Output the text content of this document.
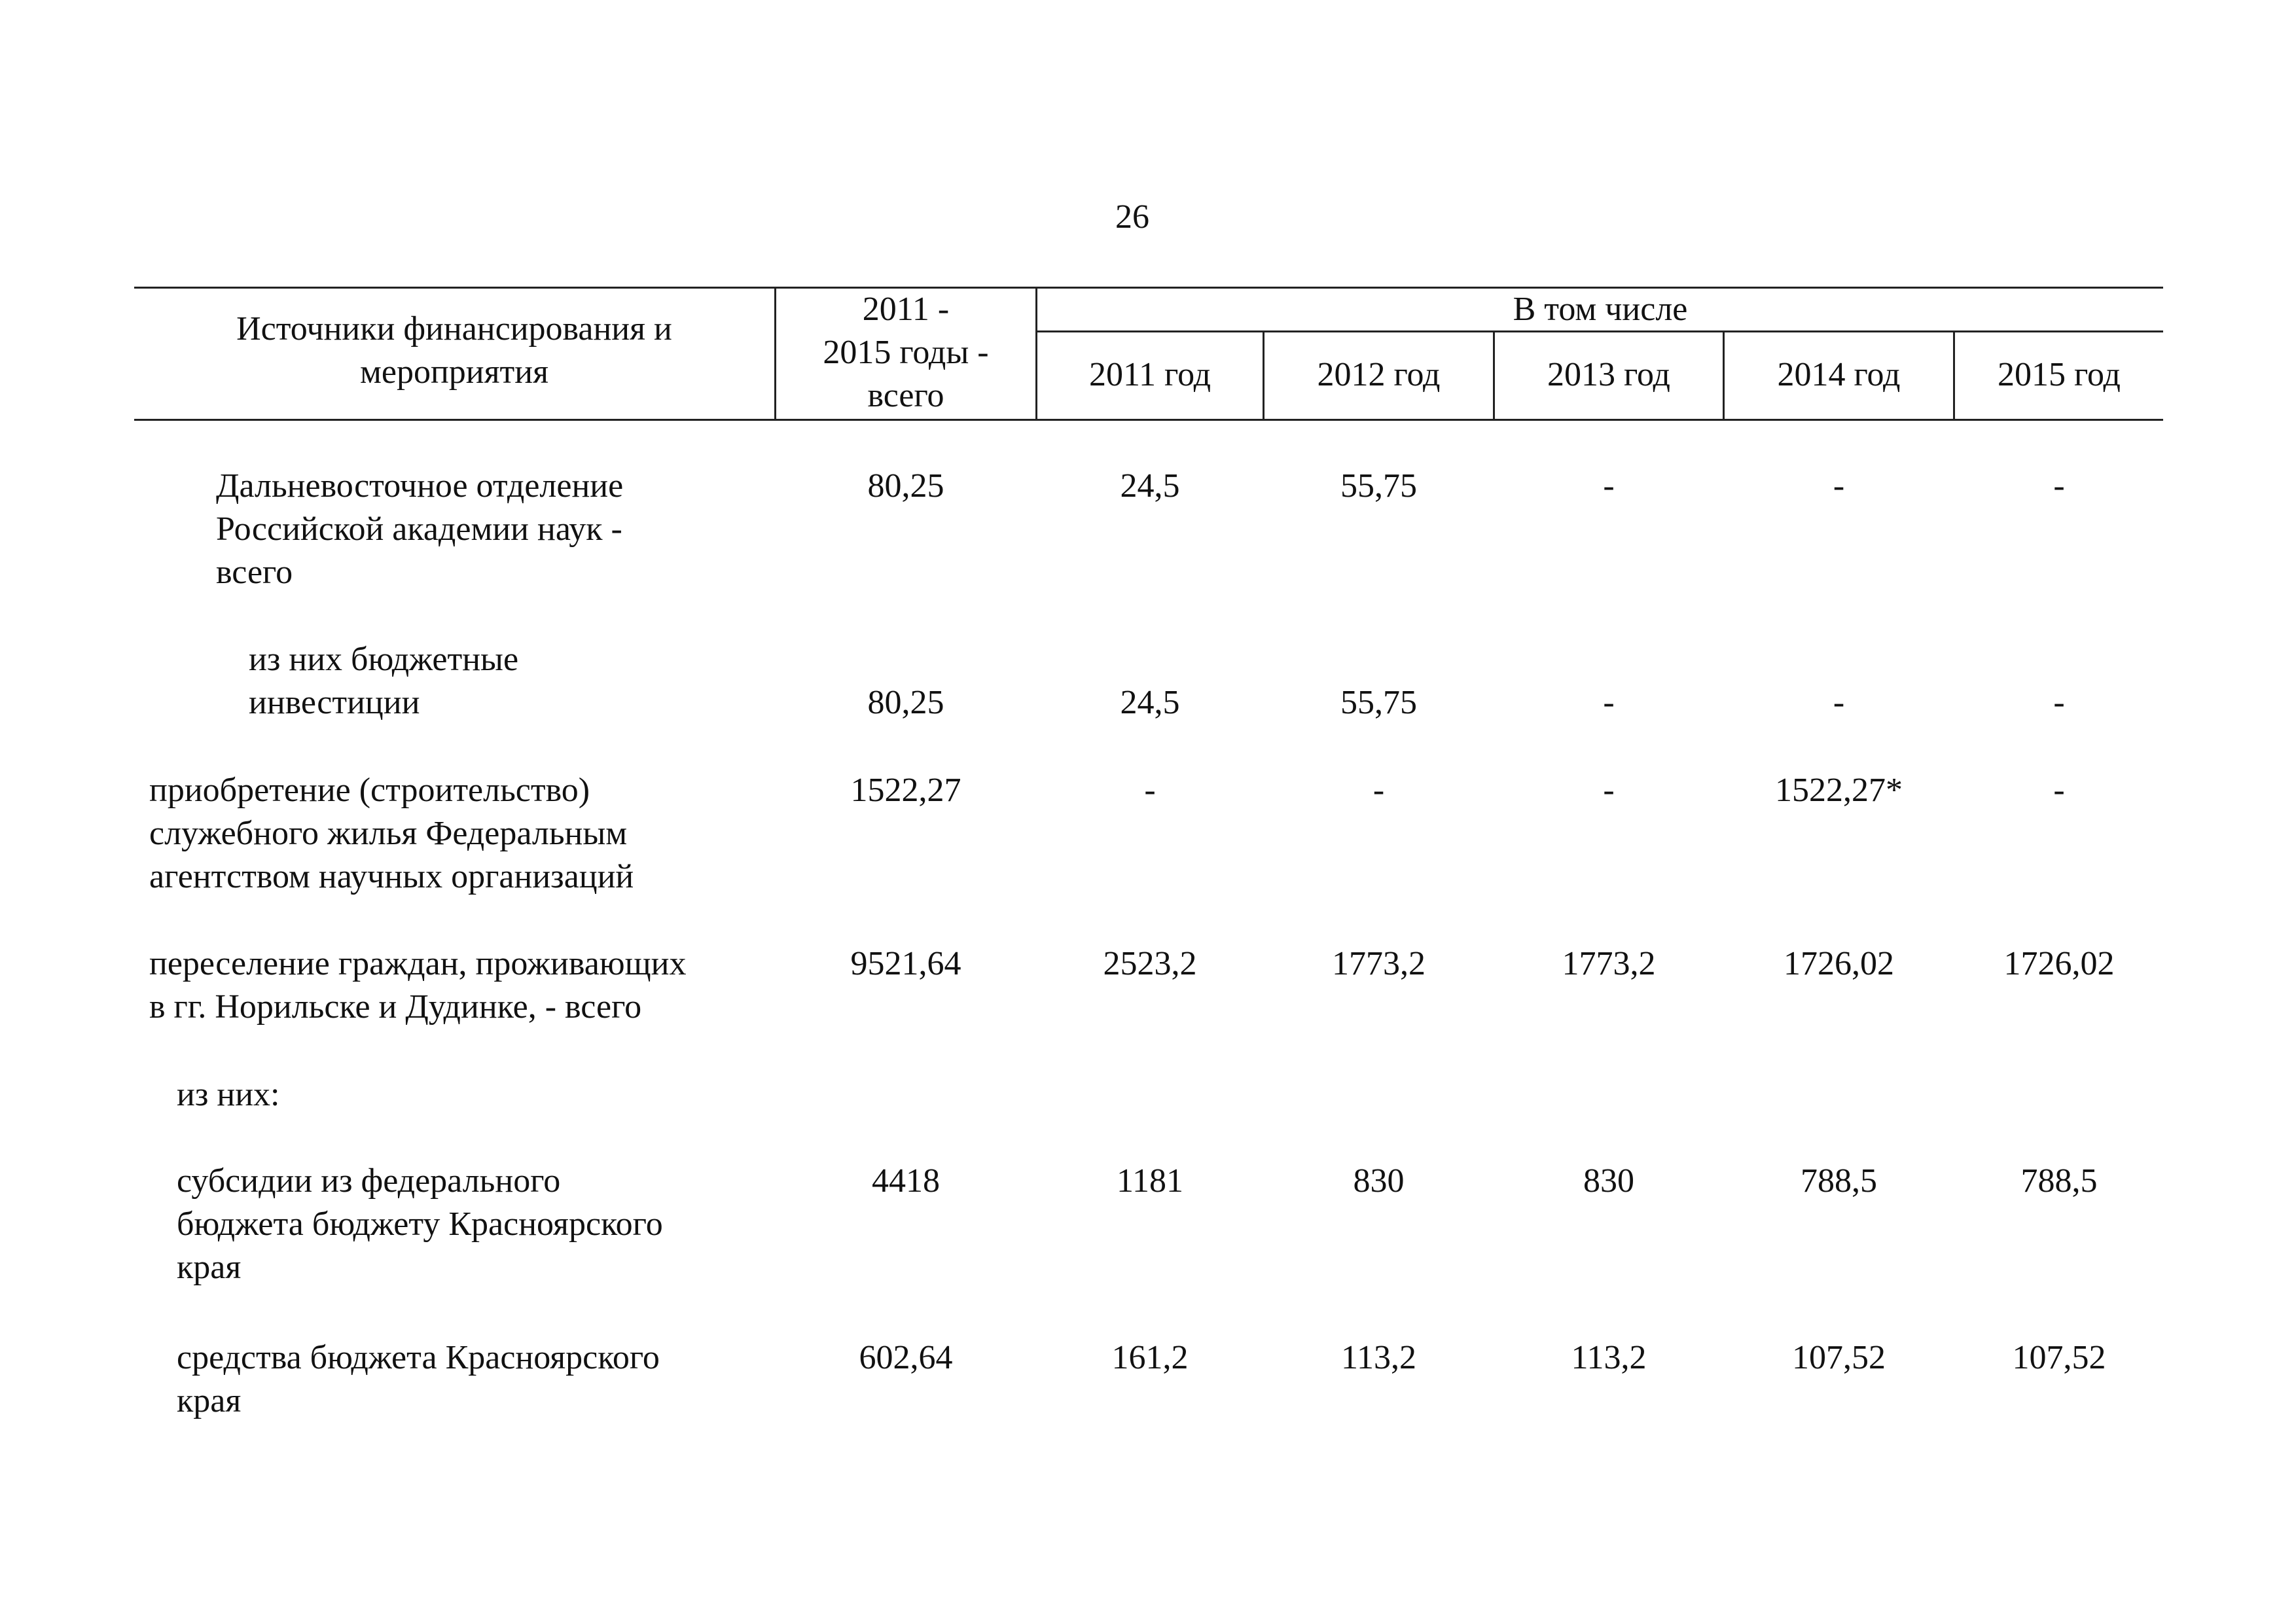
26
Источники финансирования и
мероприятия
2011 -
2015 годы -
всего
В том числе
2011 год	2012 год	2013 год	2014 год	2015 год
Дальневосточное отделение
Российской академии наук -
всего
80,25	24,5	55,75	-	-	-
из них бюджетные
инвестиции	80,25	24,5	55,75	-	-	-
приобретение (строительство)
служебного жилья Федеральным
агентством научных организаций
1522,27	-	-	-	1522,27*	-
переселение граждан, проживающих
в гг. Норильске и Дудинке, - всего
9521,64	2523,2	1773,2	1773,2	1726,02	1726,02
из них:
субсидии из федерального
бюджета бюджету Красноярского
края
4418	1181	830	830	788,5	788,5
средства бюджета Красноярского
края
602,64	161,2	113,2	113,2	107,52	107,52
